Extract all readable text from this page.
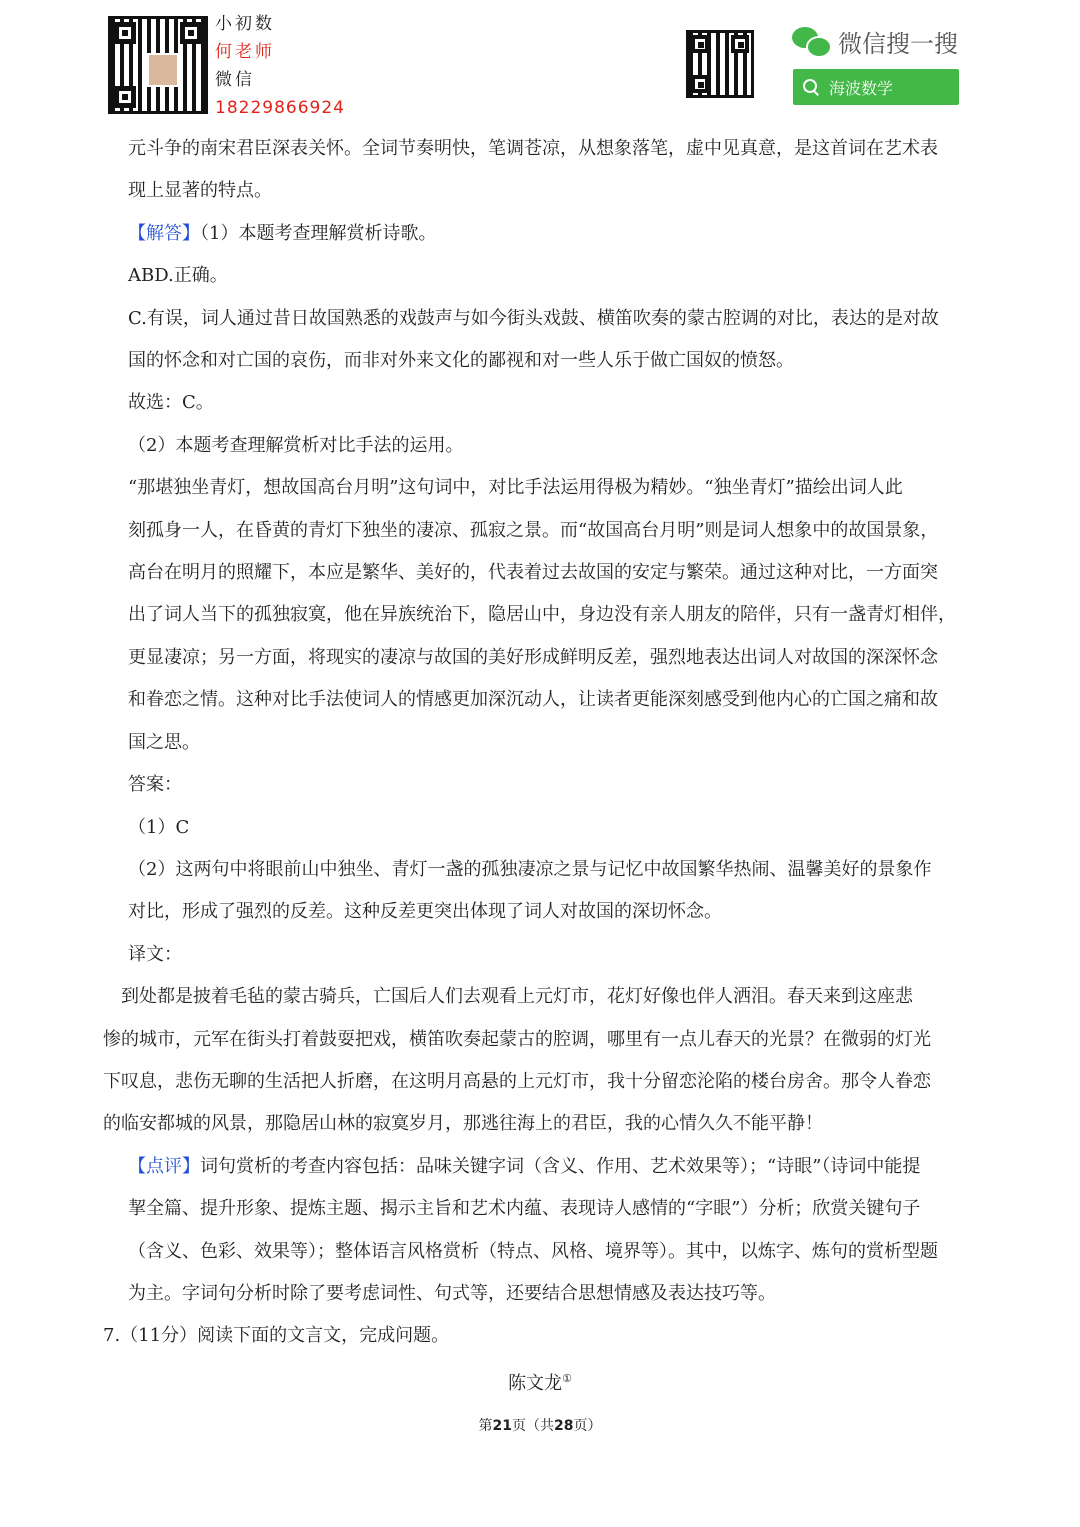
小初数
何老师
微信
18229866924
微信搜一搜
海波数学

元斗争的南宋君臣深表关怀。全词节奏明快，笔调苍凉，从想象落笔，虚中见真意，是这首词在艺术表

现上显著的特点。

【解答】（1）本题考查理解赏析诗歌。

ABD.正确。

C.有误，词人通过昔日故国熟悉的戏鼓声与如今街头戏鼓、横笛吹奏的蒙古腔调的对比，表达的是对故

国的怀念和对亡国的哀伤，而非对外来文化的鄙视和对一些人乐于做亡国奴的愤怒。

故选：C。

（2）本题考查理解赏析对比手法的运用。

“那堪独坐青灯，想故国高台月明”这句词中，对比手法运用得极为精妙。“独坐青灯”描绘出词人此

刻孤身一人，在昏黄的青灯下独坐的凄凉、孤寂之景。而“故国高台月明”则是词人想象中的故国景象，

高台在明月的照耀下，本应是繁华、美好的，代表着过去故国的安定与繁荣。通过这种对比，一方面突

出了词人当下的孤独寂寞，他在异族统治下，隐居山中，身边没有亲人朋友的陪伴，只有一盏青灯相伴，

更显凄凉；另一方面，将现实的凄凉与故国的美好形成鲜明反差，强烈地表达出词人对故国的深深怀念

和眷恋之情。这种对比手法使词人的情感更加深沉动人，让读者更能深刻感受到他内心的亡国之痛和故

国之思。

答案：

（1）C

（2）这两句中将眼前山中独坐、青灯一盏的孤独凄凉之景与记忆中故国繁华热闹、温馨美好的景象作

对比，形成了强烈的反差。这种反差更突出体现了词人对故国的深切怀念。

译文：

　到处都是披着毛毡的蒙古骑兵，亡国后人们去观看上元灯市，花灯好像也伴人洒泪。春天来到这座悲

惨的城市，元军在街头打着鼓耍把戏，横笛吹奏起蒙古的腔调，哪里有一点儿春天的光景？在微弱的灯光

下叹息，悲伤无聊的生活把人折磨，在这明月高悬的上元灯市，我十分留恋沦陷的楼台房舍。那令人眷恋

的临安都城的风景，那隐居山林的寂寞岁月，那逃往海上的君臣，我的心情久久不能平静！

【点评】词句赏析的考查内容包括：品味关键字词（含义、作用、艺术效果等）；“诗眼”（诗词中能提

挈全篇、提升形象、提炼主题、揭示主旨和艺术内蕴、表现诗人感情的“字眼”）分析；欣赏关键句子

（含义、色彩、效果等）；整体语言风格赏析（特点、风格、境界等）。其中，以炼字、炼句的赏析型题

为主。字词句分析时除了要考虑词性、句式等，还要结合思想情感及表达技巧等。

7.（11分）阅读下面的文言文，完成问题。

陈文龙①

第21页（共28页）
